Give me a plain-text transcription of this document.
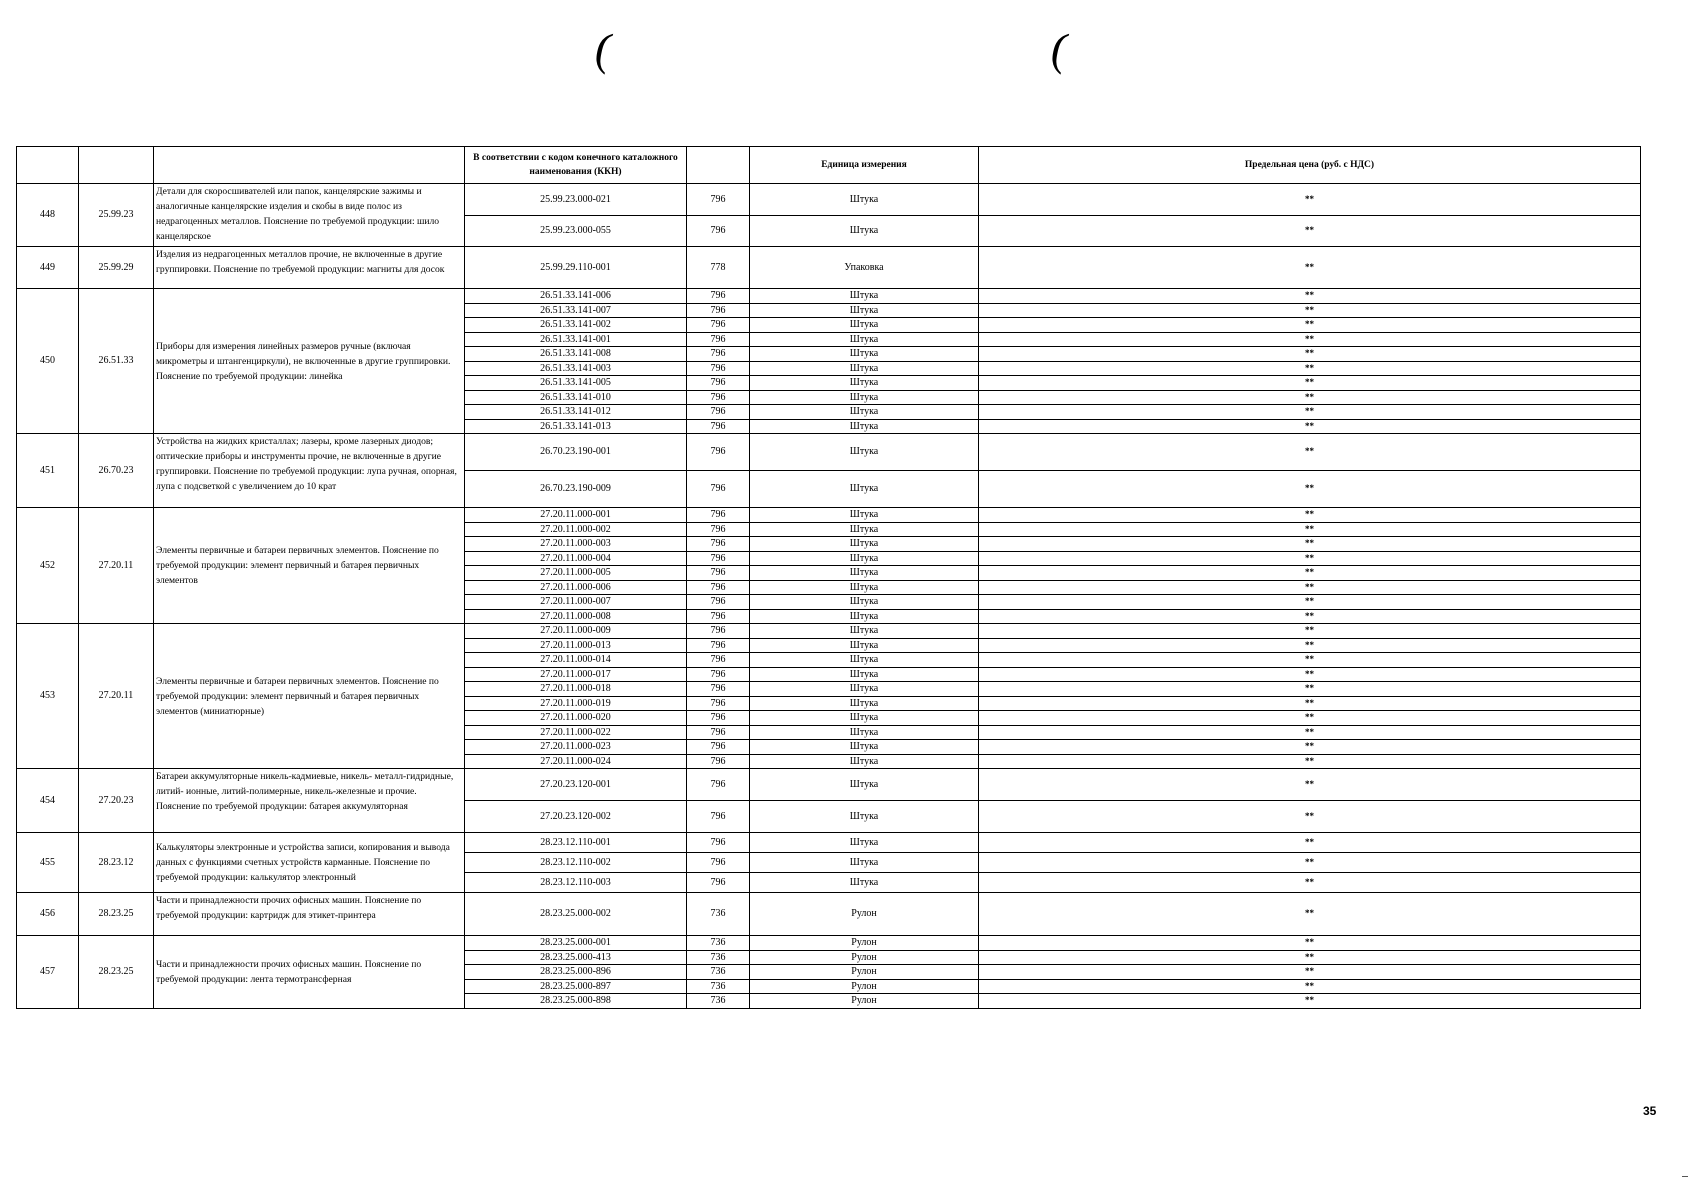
(	(
			В соответствии с кодом конечного каталожного наименования (ККН)		Единица измерения	Предельная цена (руб. с НДС)
448	25.99.23	Детали для скоросшивателей или папок, канцелярские зажимы и аналогичные канцелярские изделия и скобы в виде полос из недрагоценных металлов. Пояснение по требуемой продукции: шило канцелярское	25.99.23.000-021	796	Штука	**
			25.99.23.000-055	796	Штука	**
449	25.99.29	Изделия из недрагоценных металлов прочие, не включенные в другие группировки. Пояснение по требуемой продукции: магниты для досок	25.99.29.110-001	778	Упаковка	**
450	26.51.33	Приборы для измерения линейных размеров ручные (включая микрометры и штангенциркули), не включенные в другие группировки. Пояснение по требуемой продукции: линейка	26.51.33.141-006	796	Штука	**
			26.51.33.141-007	796	Штука	**
			26.51.33.141-002	796	Штука	**
			26.51.33.141-001	796	Штука	**
			26.51.33.141-008	796	Штука	**
			26.51.33.141-003	796	Штука	**
			26.51.33.141-005	796	Штука	**
			26.51.33.141-010	796	Штука	**
			26.51.33.141-012	796	Штука	**
			26.51.33.141-013	796	Штука	**
451	26.70.23	Устройства на жидких кристаллах; лазеры, кроме лазерных диодов; оптические приборы и инструменты прочие, не включенные в другие группировки. Пояснение по требуемой продукции: лупа ручная, опорная, лупа с подсветкой с увеличением до 10 крат	26.70.23.190-001	796	Штука	**
			26.70.23.190-009	796	Штука	**
452	27.20.11	Элементы первичные и батареи первичных элементов. Пояснение по требуемой продукции: элемент первичный и батарея первичных элементов	27.20.11.000-001	796	Штука	**
			27.20.11.000-002	796	Штука	**
			27.20.11.000-003	796	Штука	**
			27.20.11.000-004	796	Штука	**
			27.20.11.000-005	796	Штука	**
			27.20.11.000-006	796	Штука	**
			27.20.11.000-007	796	Штука	**
			27.20.11.000-008	796	Штука	**
453	27.20.11	Элементы первичные и батареи первичных элементов. Пояснение по требуемой продукции: элемент первичный и батарея первичных элементов (миниатюрные)	27.20.11.000-009	796	Штука	**
			27.20.11.000-013	796	Штука	**
			27.20.11.000-014	796	Штука	**
			27.20.11.000-017	796	Штука	**
			27.20.11.000-018	796	Штука	**
			27.20.11.000-019	796	Штука	**
			27.20.11.000-020	796	Штука	**
			27.20.11.000-022	796	Штука	**
			27.20.11.000-023	796	Штука	**
			27.20.11.000-024	796	Штука	**
454	27.20.23	Батареи аккумуляторные никель-кадмиевые, никель- металл-гидридные, литий- ионные, литий-полимерные, никель-железные и прочие. Пояснение по требуемой продукции: батарея аккумуляторная	27.20.23.120-001	796	Штука	**
			27.20.23.120-002	796	Штука	**
455	28.23.12	Калькуляторы электронные и устройства записи, копирования и вывода данных с функциями счетных устройств карманные. Пояснение по требуемой продукции: калькулятор электронный	28.23.12.110-001	796	Штука	**
			28.23.12.110-002	796	Штука	**
			28.23.12.110-003	796	Штука	**
456	28.23.25	Части и принадлежности прочих офисных машин. Пояснение по требуемой продукции: картридж для этикет-принтера	28.23.25.000-002	736	Рулон	**
457	28.23.25	Части и принадлежности прочих офисных машин. Пояснение по требуемой продукции: лента термотрансферная	28.23.25.000-001	736	Рулон	**
			28.23.25.000-413	736	Рулон	**
			28.23.25.000-896	736	Рулон	**
			28.23.25.000-897	736	Рулон	**
			28.23.25.000-898	736	Рулон	**
35
